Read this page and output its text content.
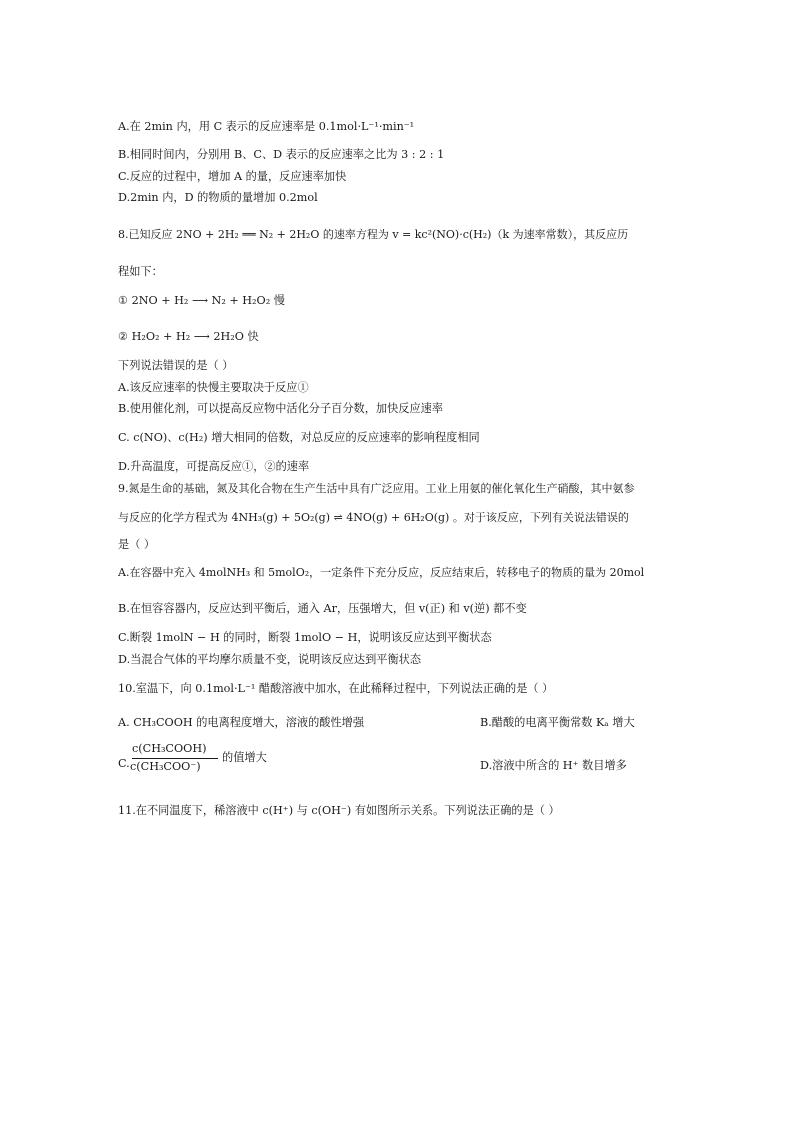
A.在 2min 内，用 C 表示的反应速率是 0.1mol·L⁻¹·min⁻¹
B.相同时间内，分别用 B、C、D 表示的反应速率之比为 3 : 2 : 1
C.反应的过程中，增加 A 的量，反应速率加快
D.2min 内，D 的物质的量增加 0.2mol
8.已知反应 2NO + 2H₂ ══ N₂ + 2H₂O 的速率方程为 v = kc²(NO)·c(H₂)（k 为速率常数），其反应历
程如下：
① 2NO + H₂ ⟶ N₂ + H₂O₂ 慢
② H₂O₂ + H₂ ⟶ 2H₂O 快
下列说法错误的是（ ）
A.该反应速率的快慢主要取决于反应①
B.使用催化剂，可以提高反应物中活化分子百分数，加快反应速率
C. c(NO)、c(H₂) 增大相同的倍数，对总反应的反应速率的影响程度相同
D.升高温度，可提高反应①，②的速率
9.氮是生命的基础，氮及其化合物在生产生活中具有广泛应用。工业上用氨的催化氧化生产硝酸，其中氨参
与反应的化学方程式为 4NH₃(g) + 5O₂(g) ⇌ 4NO(g) + 6H₂O(g) 。对于该反应，下列有关说法错误的
是（ ）
A.在容器中充入 4molNH₃ 和 5molO₂，一定条件下充分反应，反应结束后，转移电子的物质的量为 20mol
B.在恒容容器内，反应达到平衡后，通入 Ar，压强增大，但 v(正) 和 v(逆) 都不变
C.断裂 1molN − H 的同时，断裂 1molO − H，说明该反应达到平衡状态
D.当混合气体的平均摩尔质量不变，说明该反应达到平衡状态
10.室温下，向 0.1mol·L⁻¹ 醋酸溶液中加水，在此稀释过程中，下列说法正确的是（ ）
A. CH₃COOH 的电离程度增大，溶液的酸性增强	B.醋酸的电离平衡常数 Kₐ 增大
C.
c(CH₃COOH)
c(CH₃COO⁻)
的值增大
D.溶液中所含的 H⁺ 数目增多
11.在不同温度下，稀溶液中 c(H⁺) 与 c(OH⁻) 有如图所示关系。下列说法正确的是（ ）
